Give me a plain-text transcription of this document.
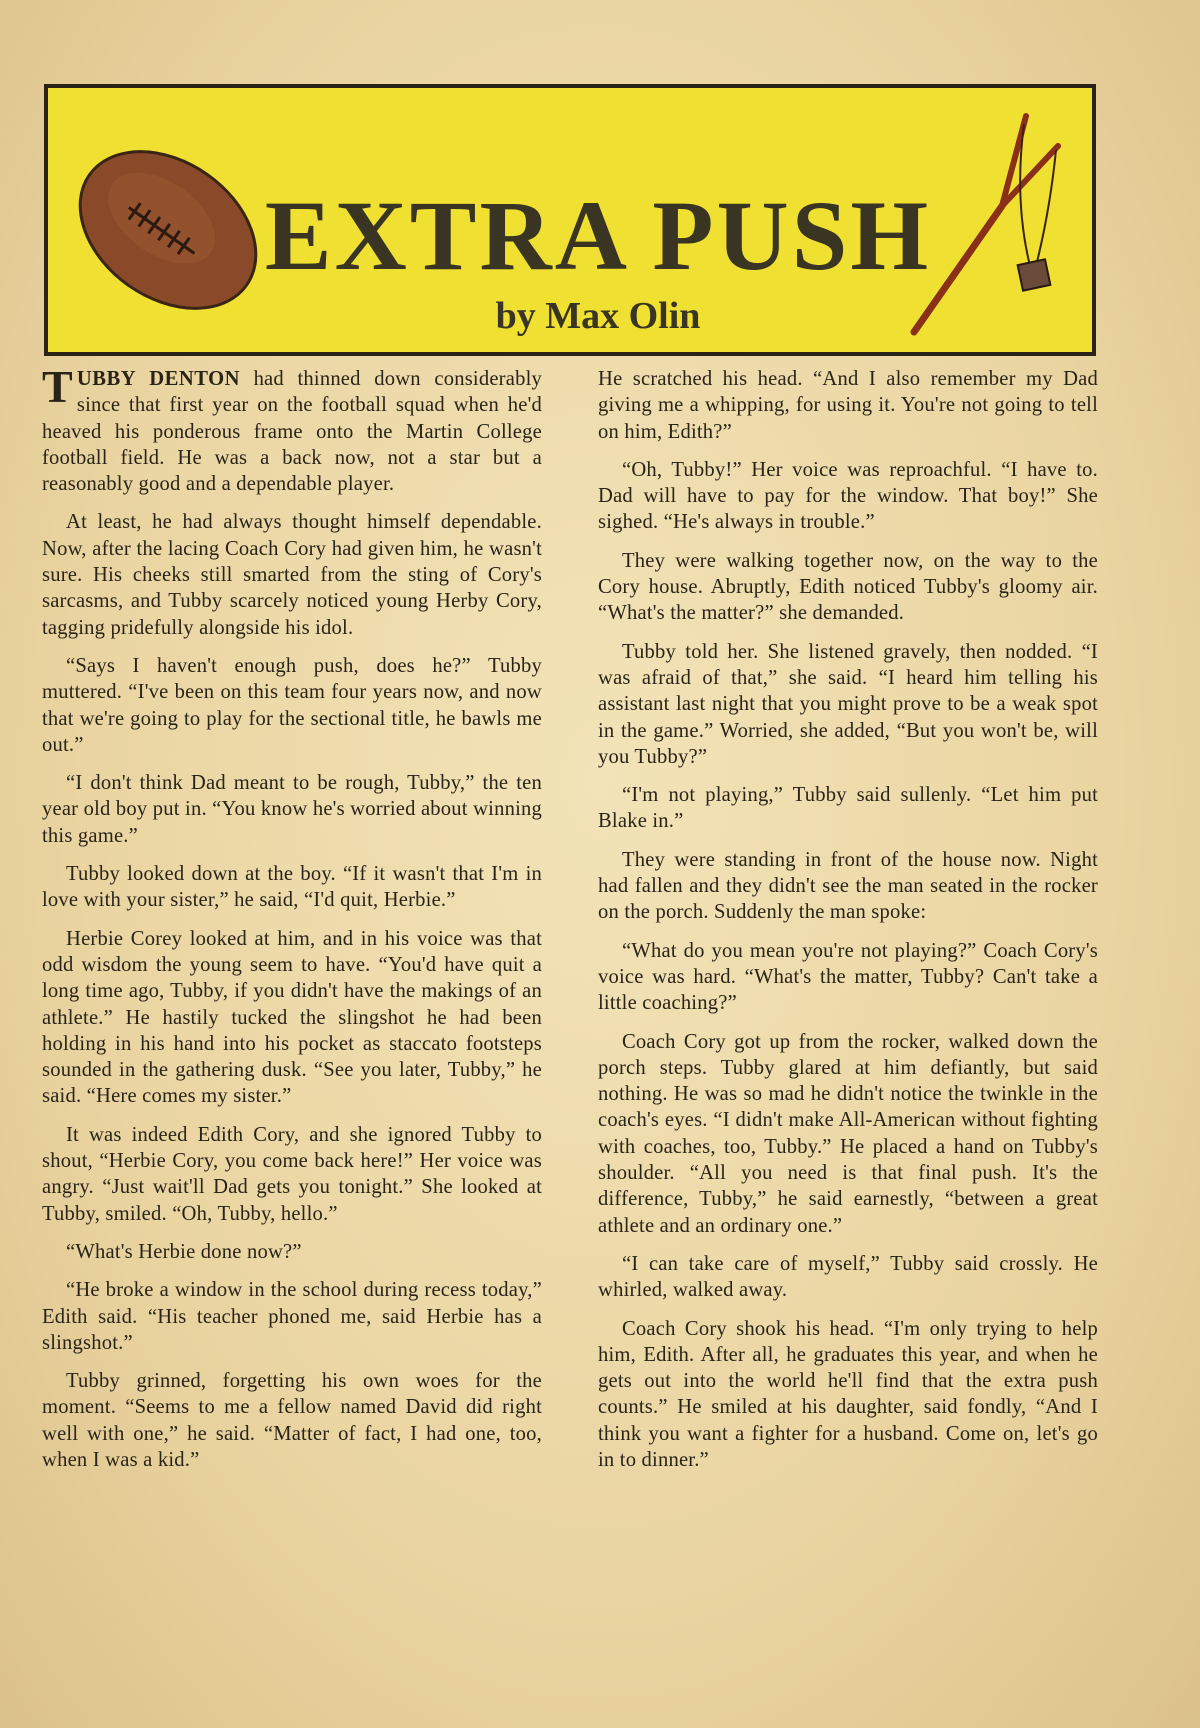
EXTRA PUSH
by Max Olin

TUBBY DENTON had thinned down considerably since that first year on the football squad when he'd heaved his ponderous frame onto the Martin College football field. He was a back now, not a star but a reasonably good and a dependable player.

At least, he had always thought himself dependable. Now, after the lacing Coach Cory had given him, he wasn't sure. His cheeks still smarted from the sting of Cory's sarcasms, and Tubby scarcely noticed young Herby Cory, tagging pridefully alongside his idol.

“Says I haven't enough push, does he?” Tubby muttered. “I've been on this team four years now, and now that we're going to play for the sectional title, he bawls me out.”

“I don't think Dad meant to be rough, Tubby,” the ten year old boy put in. “You know he's worried about winning this game.”

Tubby looked down at the boy. “If it wasn't that I'm in love with your sister,” he said, “I'd quit, Herbie.”

Herbie Corey looked at him, and in his voice was that odd wisdom the young seem to have. “You'd have quit a long time ago, Tubby, if you didn't have the makings of an athlete.” He hastily tucked the slingshot he had been holding in his hand into his pocket as staccato footsteps sounded in the gathering dusk. “See you later, Tubby,” he said. “Here comes my sister.”

It was indeed Edith Cory, and she ignored Tubby to shout, “Herbie Cory, you come back here!” Her voice was angry. “Just wait'll Dad gets you tonight.” She looked at Tubby, smiled. “Oh, Tubby, hello.”

“What's Herbie done now?”

“He broke a window in the school during recess today,” Edith said. “His teacher phoned me, said Herbie has a slingshot.”

Tubby grinned, forgetting his own woes for the moment. “Seems to me a fellow named David did right well with one,” he said. “Matter of fact, I had one, too, when I was a kid.”

He scratched his head. “And I also remember my Dad giving me a whipping, for using it. You're not going to tell on him, Edith?”

“Oh, Tubby!” Her voice was reproachful. “I have to. Dad will have to pay for the window. That boy!” She sighed. “He's always in trouble.”

They were walking together now, on the way to the Cory house. Abruptly, Edith noticed Tubby's gloomy air. “What's the matter?” she demanded.

Tubby told her. She listened gravely, then nodded. “I was afraid of that,” she said. “I heard him telling his assistant last night that you might prove to be a weak spot in the game.” Worried, she added, “But you won't be, will you Tubby?”

“I'm not playing,” Tubby said sullenly. “Let him put Blake in.”

They were standing in front of the house now. Night had fallen and they didn't see the man seated in the rocker on the porch. Suddenly the man spoke:

“What do you mean you're not playing?” Coach Cory's voice was hard. “What's the matter, Tubby? Can't take a little coaching?”

Coach Cory got up from the rocker, walked down the porch steps. Tubby glared at him defiantly, but said nothing. He was so mad he didn't notice the twinkle in the coach's eyes. “I didn't make All-American without fighting with coaches, too, Tubby.” He placed a hand on Tubby's shoulder. “All you need is that final push. It's the difference, Tubby,” he said earnestly, “between a great athlete and an ordinary one.”

“I can take care of myself,” Tubby said crossly. He whirled, walked away.

Coach Cory shook his head. “I'm only trying to help him, Edith. After all, he graduates this year, and when he gets out into the world he'll find that the extra push counts.” He smiled at his daughter, said fondly, “And I think you want a fighter for a husband. Come on, let's go in to dinner.”
